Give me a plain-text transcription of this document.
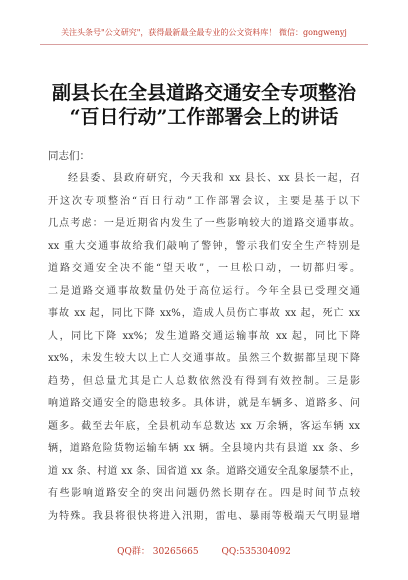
关注头条号"公文研究"，获得最新最全最专业的公文资料库！ 微信：gongwenyj
副县长在全县道路交通安全专项整治
“百日行动”工作部署会上的讲话
同志们：
经县委、县政府研究，今天我和 xx 县长、xx 县长一起，召
开这次专项整治“百日行动”工作部署会议，主要是基于以下
几点考虑：一是近期省内发生了一些影响较大的道路交通事故。
xx 重大交通事故给我们敲响了警钟，警示我们安全生产特别是
道路交通安全决不能“望天收”，一旦松口动，一切都归零。
二是道路交通事故数量仍处于高位运行。今年全县已受理交通
事故 xx 起，同比下降 xx%，造成人员伤亡事故 xx 起，死亡 xx
人，同比下降 xx%；发生道路交通运输事故 xx 起，同比下降
xx%，未发生较大以上亡人交通事故。虽然三个数据都呈现下降
趋势，但总量尤其是亡人总数依然没有得到有效控制。三是影
响道路交通安全的隐患较多。具体讲，就是车辆多、道路多、问
题多。截至去年底，全县机动车总数达 xx 万余辆，客运车辆 xx
辆，道路危险货物运输车辆 xx 辆。全县境内共有县道 xx 条、乡
道 xx 条、村道 xx 条、国省道 xx 条。道路交通安全乱象屡禁不止，
有些影响道路安全的突出问题仍然长期存在。四是时间节点较
为特殊。我县将很快将进入汛期，雷电、暴雨等极端天气明显增
QQ群： 30265665	QQ:535304092
